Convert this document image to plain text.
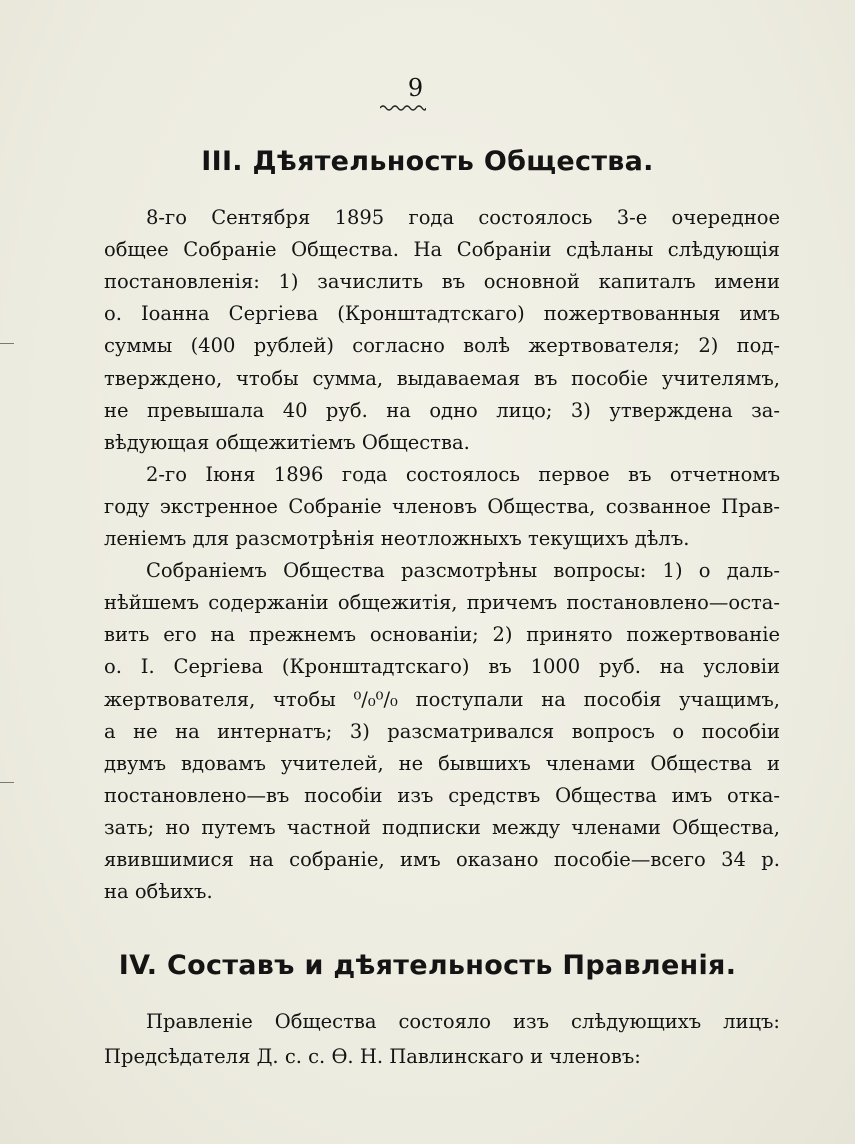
9
III. Дѣятельность Общества.
8-го Сентября 1895 года состоялось 3-е очередное
общее Собраніе Общества. На Собраніи сдѣланы слѣдующія
постановленія: 1) зачислить въ основной капиталъ имени
о. Іоанна Сергіева (Кронштадтскаго) пожертвованныя имъ
суммы (400 рублей) согласно волѣ жертвователя; 2) под-
тверждено, чтобы сумма, выдаваемая въ пособіе учителямъ,
не превышала 40 руб. на одно лицо; 3) утверждена за-
вѣдующая общежитіемъ Общества.
2-го Іюня 1896 года состоялось первое въ отчетномъ
году экстренное Собраніе членовъ Общества, созванное Прав-
леніемъ для разсмотрѣнія неотложныхъ текущихъ дѣлъ.
Собраніемъ Общества разсмотрѣны вопросы: 1) о даль-
нѣйшемъ содержаніи общежитія, причемъ постановлено—оста-
вить его на прежнемъ основаніи; 2) принято пожертвованіе
о. І. Сергіева (Кронштадтскаго) въ 1000 руб. на условіи
жертвователя, чтобы ⁰/₀⁰/₀ поступали на пособія учащимъ,
а не на интернатъ; 3) разсматривался вопросъ о пособіи
двумъ вдовамъ учителей, не бывшихъ членами Общества и
постановлено—въ пособіи изъ средствъ Общества имъ отка-
зать; но путемъ частной подписки между членами Общества,
явившимися на собраніе, имъ оказано пособіе—всего 34 р.
на обѣихъ.
IV. Составъ и дѣятельность Правленія.
Правленіе Общества состояло изъ слѣдующихъ лицъ:
Предсѣдателя Д. с. с. Ѳ. Н. Павлинскаго и членовъ:
